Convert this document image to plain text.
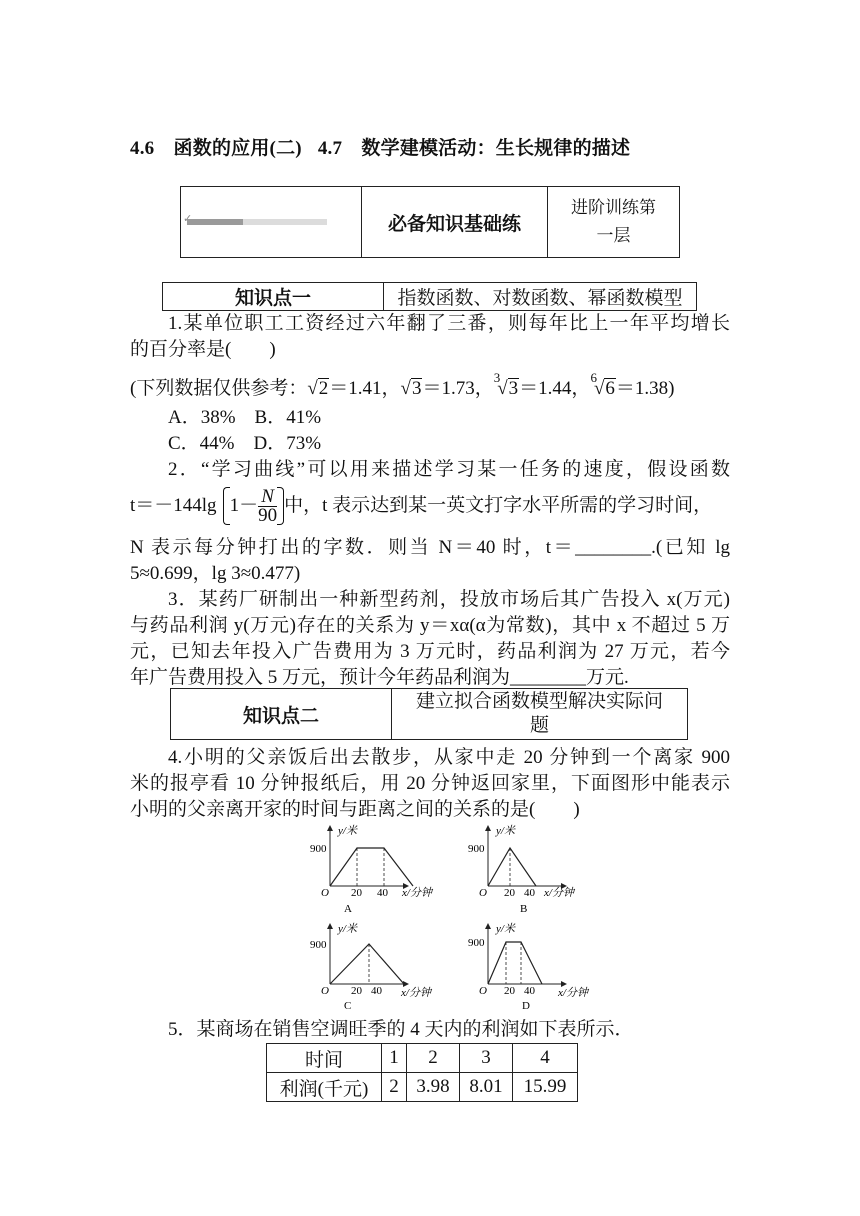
4.6　函数的应用(二) 4.7　数学建模活动：生长规律的描述
✓	必备知识基础练	进阶训练第
一层
知识点一	指数函数、对数函数、幂函数模型
1.某单位职工工资经过六年翻了三番，则每年比上一年平均增长
的百分率是(　　)
(下列数据仅供参考：√2＝1.41，√3＝1.73，$^3$√3＝1.44，$^6$√6＝1.38)
A．38%　B．41%
C．44%　D．73%
2．“学习曲线”可以用来描述学习某一任务的速度，假设函数
t＝－144lg $1- \frac{N}{90}$ 中，t 表示达到某一英文打字水平所需的学习时间，
N 表示每分钟打出的字数．则当 N＝40 时，t＝________.(已知 lg
5≈0.699，lg 3≈0.477)
3．某药厂研制出一种新型药剂，投放市场后其广告投入 x(万元)
与药品利润 y(万元)存在的关系为 y＝xα(α为常数)，其中 x 不超过 5 万
元，已知去年投入广告费用为 3 万元时，药品利润为 27 万元，若今
年广告费用投入 5 万元，预计今年药品利润为________万元.
知识点二	建立拟合函数模型解决实际问
题
4.小明的父亲饭后出去散步，从家中走 20 分钟到一个离家 900
米的报亭看 10 分钟报纸后，用 20 分钟返回家里，下面图形中能表示
小明的父亲离开家的时间与距离之间的关系的是(　　)
y/米
900
O 20 40 x/分钟
A
y/米
900
O 20 40 x/分钟
B
y/米
900
O 20 40 x/分钟
C
y/米
900
O 20 40 x/分钟
D
5．某商场在销售空调旺季的 4 天内的利润如下表所示．
时间	1	2	3	4
利润(千元)	2	3.98	8.01	15.99
